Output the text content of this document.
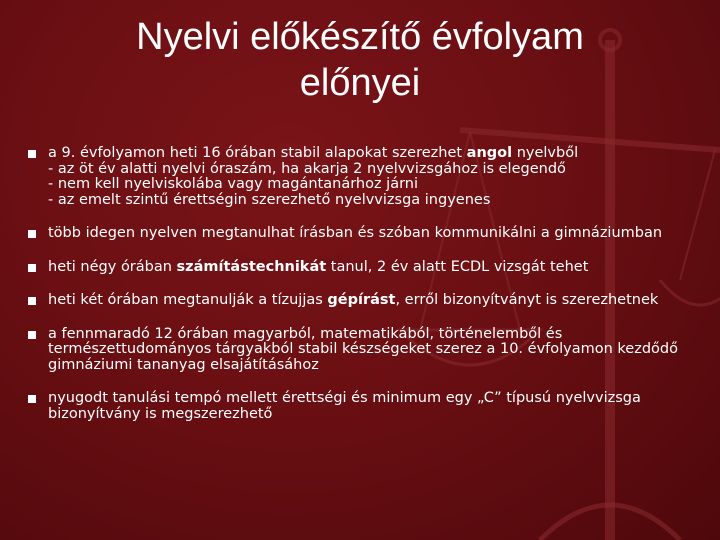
Nyelvi előkészítő évfolyam
előnyei
a 9. évfolyamon heti 16 órában stabil alapokat szerezhet angol nyelvből
- az öt év alatti nyelvi óraszám, ha akarja 2 nyelvvizsgához is elegendő
- nem kell nyelviskolába vagy magántanárhoz járni
- az emelt szintű érettségin szerezhető nyelvvizsga ingyenes
több idegen nyelven megtanulhat írásban és szóban kommunikálni a gimnáziumban
heti négy órában számítástechnikát tanul, 2 év alatt ECDL vizsgát tehet
heti két órában megtanulják a tízujjas gépírást, erről bizonyítványt is szerezhetnek
a fennmaradó 12 órában magyarból, matematikából, történelemből és
természettudományos tárgyakból stabil készségeket szerez a 10. évfolyamon kezdődő
gimnáziumi tananyag elsajátításához
nyugodt tanulási tempó mellett érettségi és minimum egy „C” típusú nyelvvizsga
bizonyítvány is megszerezhető
